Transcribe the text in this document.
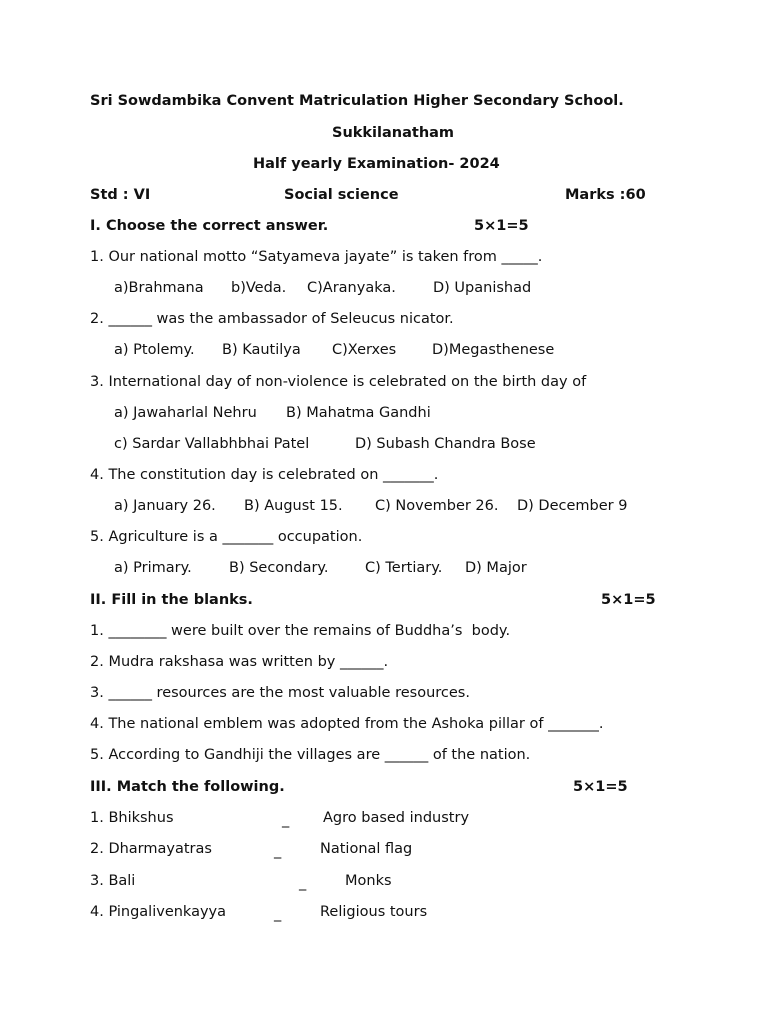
Sri Sowdambika Convent Matriculation Higher Secondary School.
Sukkilanatham
Half yearly Examination- 2024
Std : VI	Social science	Marks :60
I. Choose the correct answer.	5×1=5
1. Our national motto “Satyameva jayate” is taken from _____.
a)Brahmana b)Veda. C)Aranyaka.	D) Upanishad
2. ______ was the ambassador of Seleucus nicator.
a) Ptolemy. B) Kautilya C)Xerxes D)Megasthenese
3. International day of non-violence is celebrated on the birth day of
a) Jawaharlal Nehru B) Mahatma Gandhi
c) Sardar Vallabhbhai Patel	D) Subash Chandra Bose
4. The constitution day is celebrated on _______.
a) January 26. B) August 15. C) November 26. D) December 9
5. Agriculture is a _______ occupation.
a) Primary.	B) Secondary.	C) Tertiary. D) Major
II. Fill in the blanks.	5×1=5
1. ________ were built over the remains of Buddha’s  body.
2. Mudra rakshasa was written by ______.
3. ______ resources are the most valuable resources.
4. The national emblem was adopted from the Ashoka pillar of _______.
5. According to Gandhiji the villages are ______ of the nation.
III. Match the following.	5×1=5
1. Bhikshus	_ Agro based industry
2. Dharmayatras	_	National flag
3. Bali	_	Monks
4. Pingalivenkayya	_	Religious tours
